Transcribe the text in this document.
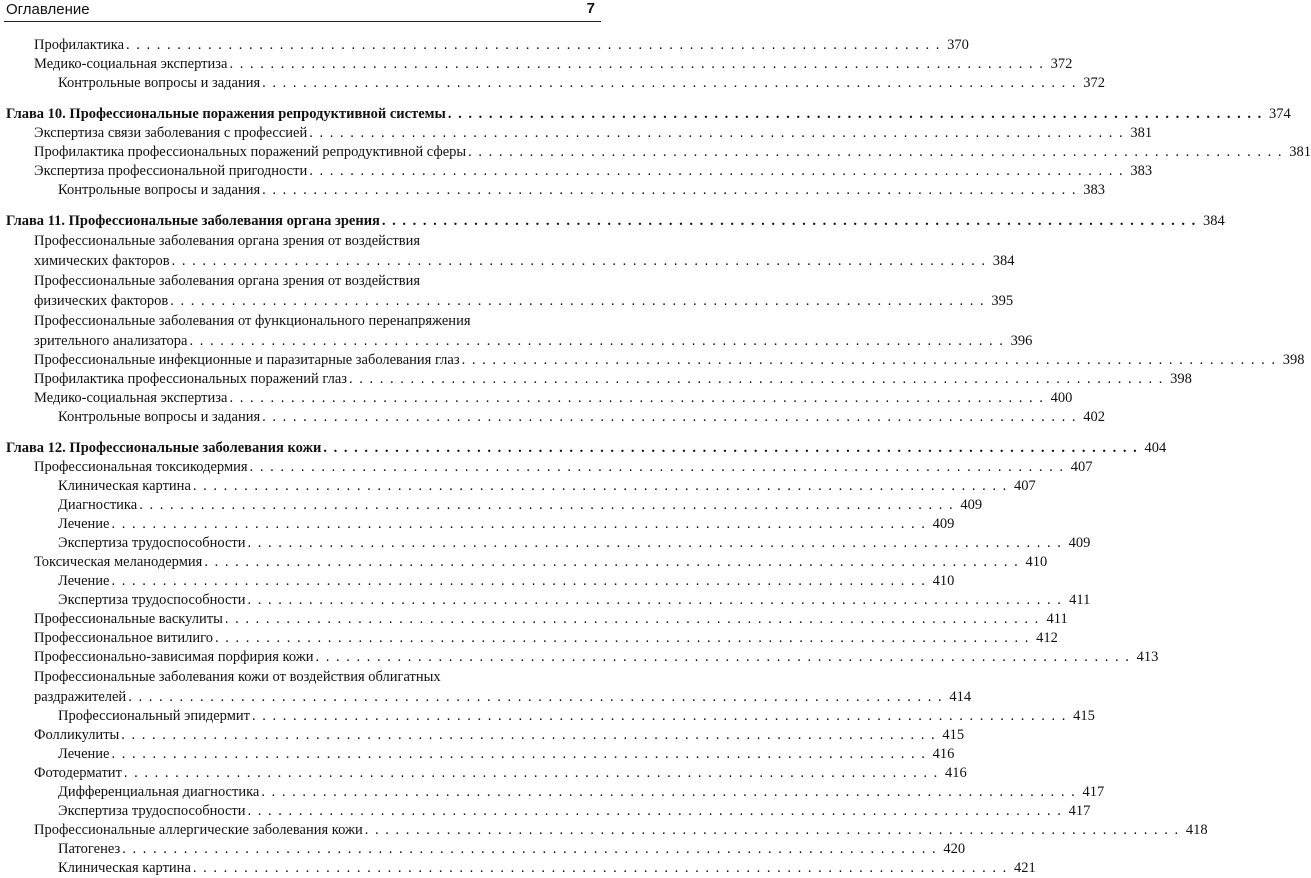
Оглавление	7
Профилактика . . . . . . . . . . . . . . . . . . . . . . . . . . . . . . . . . . . . . . . . . . . . . . . . . . . . . . . . . . . . . . . . . . . . . . . . . . . . . . . . 370
Медико-социальная экспертиза . . . . . . . . . . . . . . . . . . . . . . . . . . . . . . . . . . . . . . . . . . . . . . . . . . . . . . . . . . . . . . . . . . . . . . . . . . . . . . . . 372
Контрольные вопросы и задания . . . . . . . . . . . . . . . . . . . . . . . . . . . . . . . . . . . . . . . . . . . . . . . . . . . . . . . . . . . . . . . . . . . . . . . . . . . . . . . . 372
Глава 10. Профессиональные поражения репродуктивной системы . . . . . . . . . . . . . . . . . . . . . . . . . . . . . . . . . . . . . . . . . . . . . . . . . . . . . . . . . . . . . . . . . . . . . . . . . . . . . . . . 374
Экспертиза связи заболевания с профессией . . . . . . . . . . . . . . . . . . . . . . . . . . . . . . . . . . . . . . . . . . . . . . . . . . . . . . . . . . . . . . . . . . . . . . . . . . . . . . . . 381
Профилактика профессиональных поражений репродуктивной сферы . . . . . . . . . . . . . . . . . . . . . . . . . . . . . . . . . . . . . . . . . . . . . . . . . . . . . . . . . . . . . . . . . . . . . . . . . . . . . . . . 381
Экспертиза профессиональной пригодности . . . . . . . . . . . . . . . . . . . . . . . . . . . . . . . . . . . . . . . . . . . . . . . . . . . . . . . . . . . . . . . . . . . . . . . . . . . . . . . . 383
Контрольные вопросы и задания . . . . . . . . . . . . . . . . . . . . . . . . . . . . . . . . . . . . . . . . . . . . . . . . . . . . . . . . . . . . . . . . . . . . . . . . . . . . . . . . 383
Глава 11. Профессиональные заболевания органа зрения . . . . . . . . . . . . . . . . . . . . . . . . . . . . . . . . . . . . . . . . . . . . . . . . . . . . . . . . . . . . . . . . . . . . . . . . . . . . . . . . 384
Профессиональные заболевания органа зрения от воздействия
химических факторов . . . . . . . . . . . . . . . . . . . . . . . . . . . . . . . . . . . . . . . . . . . . . . . . . . . . . . . . . . . . . . . . . . . . . . . . . . . . . . . . 384
Профессиональные заболевания органа зрения от воздействия
физических факторов . . . . . . . . . . . . . . . . . . . . . . . . . . . . . . . . . . . . . . . . . . . . . . . . . . . . . . . . . . . . . . . . . . . . . . . . . . . . . . . . 395
Профессиональные заболевания от функционального перенапряжения
зрительного анализатора . . . . . . . . . . . . . . . . . . . . . . . . . . . . . . . . . . . . . . . . . . . . . . . . . . . . . . . . . . . . . . . . . . . . . . . . . . . . . . . . 396
Профессиональные инфекционные и паразитарные заболевания глаз . . . . . . . . . . . . . . . . . . . . . . . . . . . . . . . . . . . . . . . . . . . . . . . . . . . . . . . . . . . . . . . . . . . . . . . . . . . . . . . . 398
Профилактика профессиональных поражений глаз . . . . . . . . . . . . . . . . . . . . . . . . . . . . . . . . . . . . . . . . . . . . . . . . . . . . . . . . . . . . . . . . . . . . . . . . . . . . . . . . 398
Медико-социальная экспертиза . . . . . . . . . . . . . . . . . . . . . . . . . . . . . . . . . . . . . . . . . . . . . . . . . . . . . . . . . . . . . . . . . . . . . . . . . . . . . . . . 400
Контрольные вопросы и задания . . . . . . . . . . . . . . . . . . . . . . . . . . . . . . . . . . . . . . . . . . . . . . . . . . . . . . . . . . . . . . . . . . . . . . . . . . . . . . . . 402
Глава 12. Профессиональные заболевания кожи . . . . . . . . . . . . . . . . . . . . . . . . . . . . . . . . . . . . . . . . . . . . . . . . . . . . . . . . . . . . . . . . . . . . . . . . . . . . . . . . 404
Профессиональная токсикодермия . . . . . . . . . . . . . . . . . . . . . . . . . . . . . . . . . . . . . . . . . . . . . . . . . . . . . . . . . . . . . . . . . . . . . . . . . . . . . . . . 407
Клиническая картина . . . . . . . . . . . . . . . . . . . . . . . . . . . . . . . . . . . . . . . . . . . . . . . . . . . . . . . . . . . . . . . . . . . . . . . . . . . . . . . . 407
Диагностика . . . . . . . . . . . . . . . . . . . . . . . . . . . . . . . . . . . . . . . . . . . . . . . . . . . . . . . . . . . . . . . . . . . . . . . . . . . . . . . . 409
Лечение . . . . . . . . . . . . . . . . . . . . . . . . . . . . . . . . . . . . . . . . . . . . . . . . . . . . . . . . . . . . . . . . . . . . . . . . . . . . . . . . 409
Экспертиза трудоспособности . . . . . . . . . . . . . . . . . . . . . . . . . . . . . . . . . . . . . . . . . . . . . . . . . . . . . . . . . . . . . . . . . . . . . . . . . . . . . . . . 409
Токсическая меланодермия . . . . . . . . . . . . . . . . . . . . . . . . . . . . . . . . . . . . . . . . . . . . . . . . . . . . . . . . . . . . . . . . . . . . . . . . . . . . . . . . 410
Лечение . . . . . . . . . . . . . . . . . . . . . . . . . . . . . . . . . . . . . . . . . . . . . . . . . . . . . . . . . . . . . . . . . . . . . . . . . . . . . . . . 410
Экспертиза трудоспособности . . . . . . . . . . . . . . . . . . . . . . . . . . . . . . . . . . . . . . . . . . . . . . . . . . . . . . . . . . . . . . . . . . . . . . . . . . . . . . . . 411
Профессиональные васкулиты . . . . . . . . . . . . . . . . . . . . . . . . . . . . . . . . . . . . . . . . . . . . . . . . . . . . . . . . . . . . . . . . . . . . . . . . . . . . . . . . 411
Профессиональное витилиго . . . . . . . . . . . . . . . . . . . . . . . . . . . . . . . . . . . . . . . . . . . . . . . . . . . . . . . . . . . . . . . . . . . . . . . . . . . . . . . . 412
Профессионально-зависимая порфирия кожи . . . . . . . . . . . . . . . . . . . . . . . . . . . . . . . . . . . . . . . . . . . . . . . . . . . . . . . . . . . . . . . . . . . . . . . . . . . . . . . . 413
Профессиональные заболевания кожи от воздействия облигатных
раздражителей . . . . . . . . . . . . . . . . . . . . . . . . . . . . . . . . . . . . . . . . . . . . . . . . . . . . . . . . . . . . . . . . . . . . . . . . . . . . . . . . 414
Профессиональный эпидермит . . . . . . . . . . . . . . . . . . . . . . . . . . . . . . . . . . . . . . . . . . . . . . . . . . . . . . . . . . . . . . . . . . . . . . . . . . . . . . . . 415
Фолликулиты . . . . . . . . . . . . . . . . . . . . . . . . . . . . . . . . . . . . . . . . . . . . . . . . . . . . . . . . . . . . . . . . . . . . . . . . . . . . . . . . 415
Лечение . . . . . . . . . . . . . . . . . . . . . . . . . . . . . . . . . . . . . . . . . . . . . . . . . . . . . . . . . . . . . . . . . . . . . . . . . . . . . . . . 416
Фотодерматит . . . . . . . . . . . . . . . . . . . . . . . . . . . . . . . . . . . . . . . . . . . . . . . . . . . . . . . . . . . . . . . . . . . . . . . . . . . . . . . . 416
Дифференциальная диагностика . . . . . . . . . . . . . . . . . . . . . . . . . . . . . . . . . . . . . . . . . . . . . . . . . . . . . . . . . . . . . . . . . . . . . . . . . . . . . . . . 417
Экспертиза трудоспособности . . . . . . . . . . . . . . . . . . . . . . . . . . . . . . . . . . . . . . . . . . . . . . . . . . . . . . . . . . . . . . . . . . . . . . . . . . . . . . . . 417
Профессиональные аллергические заболевания кожи . . . . . . . . . . . . . . . . . . . . . . . . . . . . . . . . . . . . . . . . . . . . . . . . . . . . . . . . . . . . . . . . . . . . . . . . . . . . . . . . 418
Патогенез . . . . . . . . . . . . . . . . . . . . . . . . . . . . . . . . . . . . . . . . . . . . . . . . . . . . . . . . . . . . . . . . . . . . . . . . . . . . . . . . 420
Клиническая картина . . . . . . . . . . . . . . . . . . . . . . . . . . . . . . . . . . . . . . . . . . . . . . . . . . . . . . . . . . . . . . . . . . . . . . . . . . . . . . . . 421
